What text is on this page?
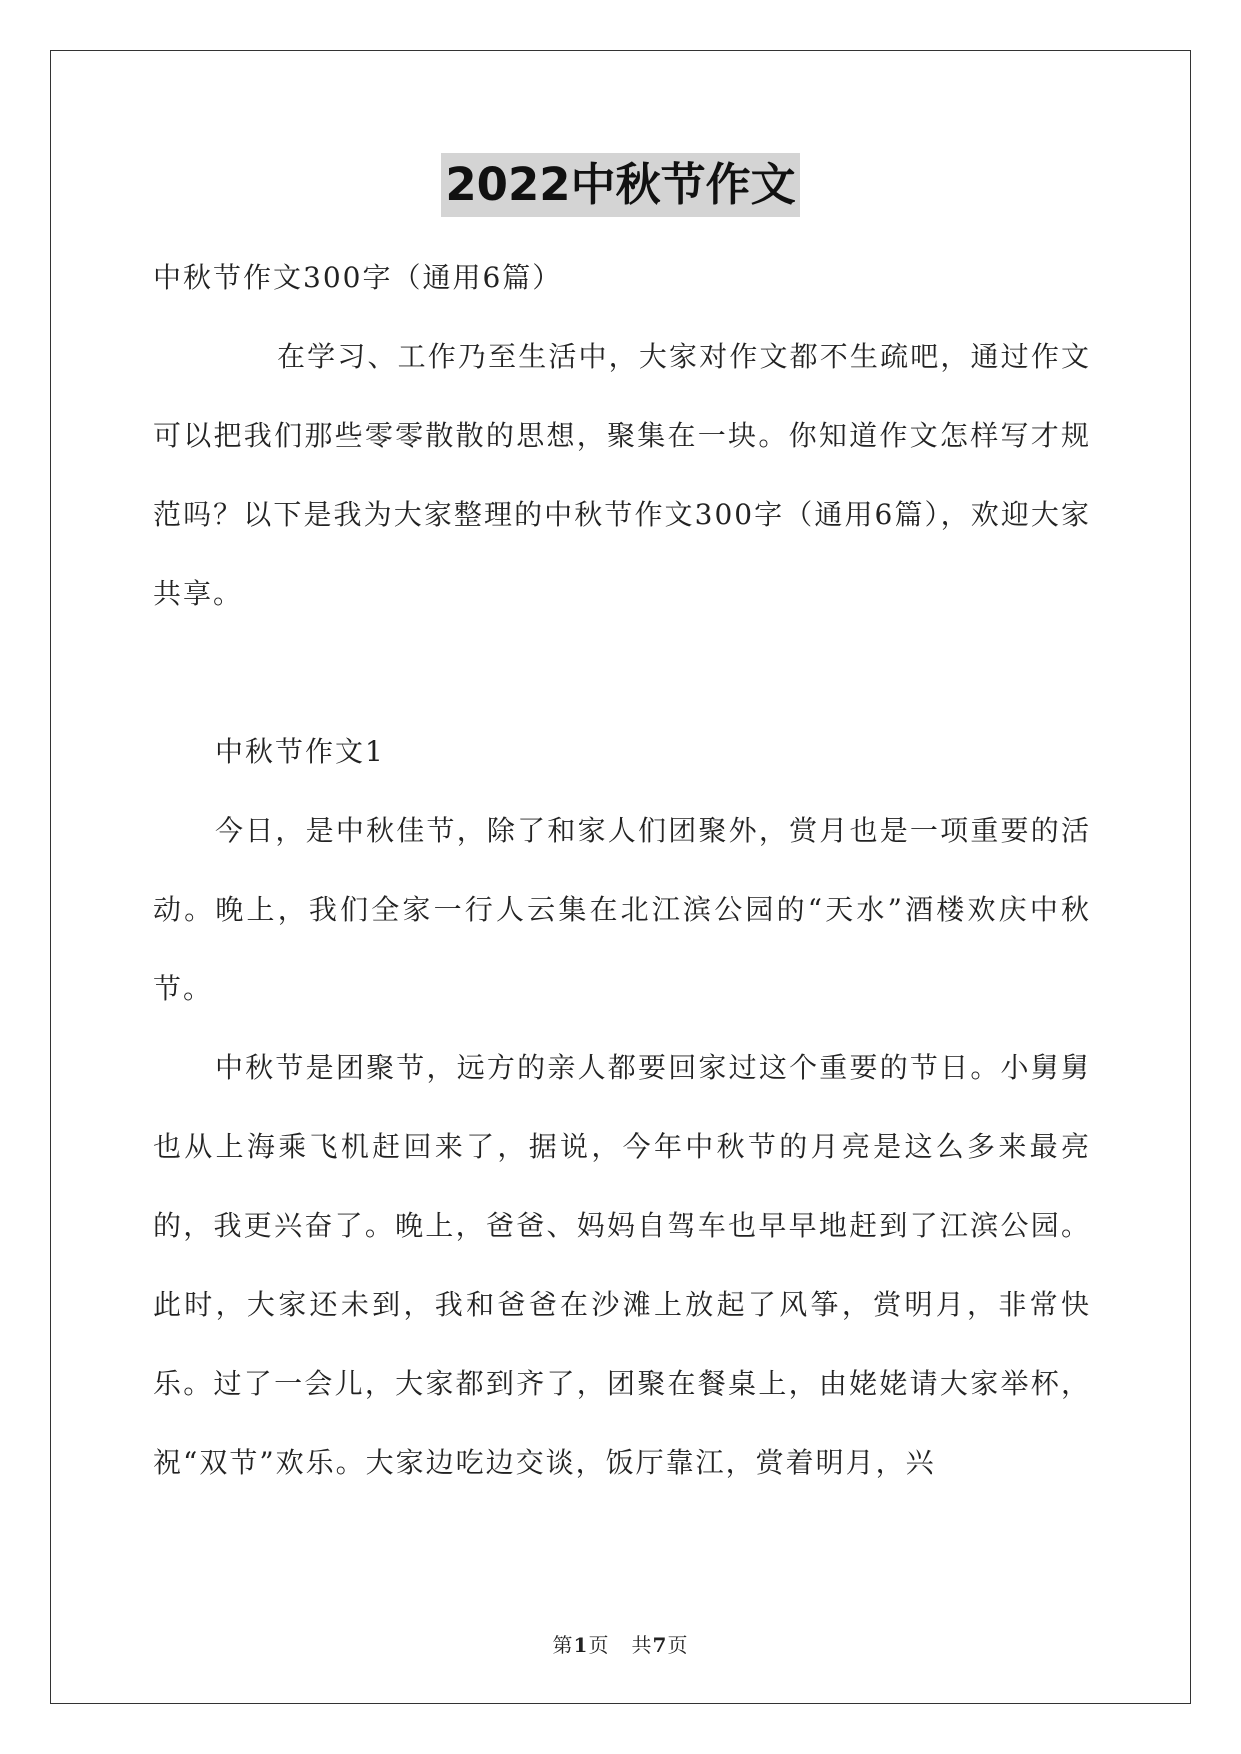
2022中秋节作文

中秋节作文300字（通用6篇）

在学习、工作乃至生活中，大家对作文都不生疏吧，通过作文可以把我们那些零零散散的思想，聚集在一块。你知道作文怎样写才规范吗？以下是我为大家整理的中秋节作文300字（通用6篇），欢迎大家共享。

中秋节作文1

今日，是中秋佳节，除了和家人们团聚外，赏月也是一项重要的活动。晚上，我们全家一行人云集在北江滨公园的“天水”酒楼欢庆中秋节。

中秋节是团聚节，远方的亲人都要回家过这个重要的节日。小舅舅也从上海乘飞机赶回来了，据说，今年中秋节的月亮是这么多来最亮的，我更兴奋了。晚上，爸爸、妈妈自驾车也早早地赶到了江滨公园。此时，大家还未到，我和爸爸在沙滩上放起了风筝，赏明月，非常快乐。过了一会儿，大家都到齐了，团聚在餐桌上，由姥姥请大家举杯，祝“双节”欢乐。大家边吃边交谈，饭厅靠江，赏着明月，兴

第1页 共7页
